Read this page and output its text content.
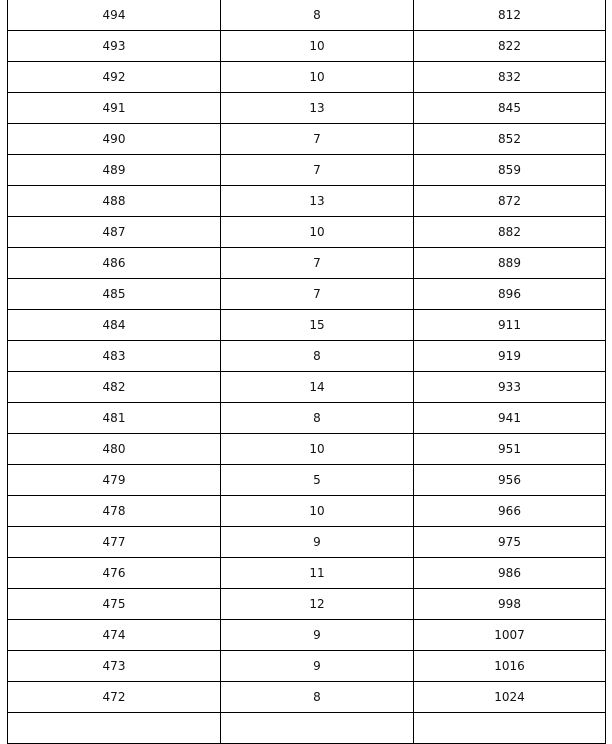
494	8	812
493	10	822
492	10	832
491	13	845
490	7	852
489	7	859
488	13	872
487	10	882
486	7	889
485	7	896
484	15	911
483	8	919
482	14	933
481	8	941
480	10	951
479	5	956
478	10	966
477	9	975
476	11	986
475	12	998
474	9	1007
473	9	1016
472	8	1024
